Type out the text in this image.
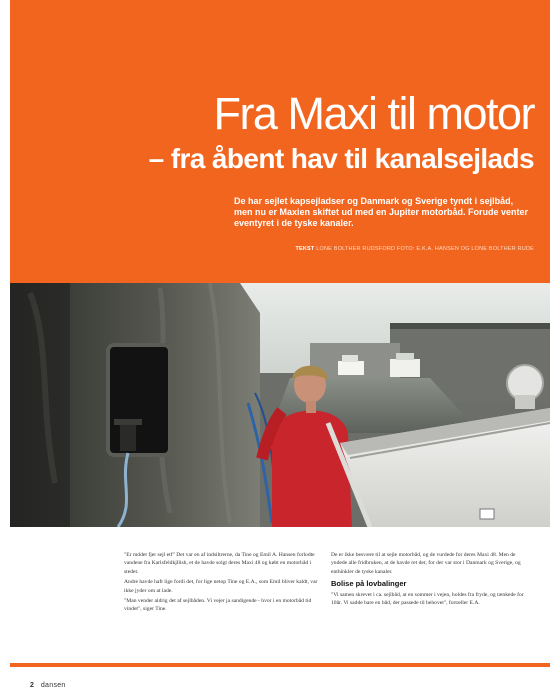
Fra Maxi til motor
– fra åbent hav til kanalsejlads

De har sejlet kapsejladser og Danmark og Sverige tyndt i sejlbåd, men nu er Maxien skiftet ud med en Jupiter motorbåd. Forude venter eventyret i de tyske kanaler.

TEKST LONE BOLTHER RUDSFORD FOTO: E.K.A. HANSEN OG LONE BOLTHER RUDE

"Er mddet fjer sejl etf" Det var en af indsiltrerne, da Tine og Emil A. Hansen forlodte vandene fra Karlsfeldkjllish, et de havde solgt deres Maxi 48 og købt en motorbåd i stedet.

Andre havde haft lige fordi det, for lige netop Tine og E.A., som Emil bliver kaldt, var ikke jyder om at lade.

"Man vender aldrig det af sejlbåden. Vi vejer ja sandigende - hvor i en motorbåd tid vindet", siger Tine.

De er ikke besvære til at sejle motorbåd, og de vurdede for deres Maxi 48. Men de yndede alle fridbruken, at de havde ret det, for der var stor i Danmark og Sverige, og enthinkler de tyske kanaler.

Bolise på lovbalinger

"Vi samen skrevet i ca. sejlbåd, at en sommer i vejen, holdes fra fryde, og tænkede for 10år. Vi sadde bare en båd, der passede til behovet", fortæller E.A.

2 dansen
